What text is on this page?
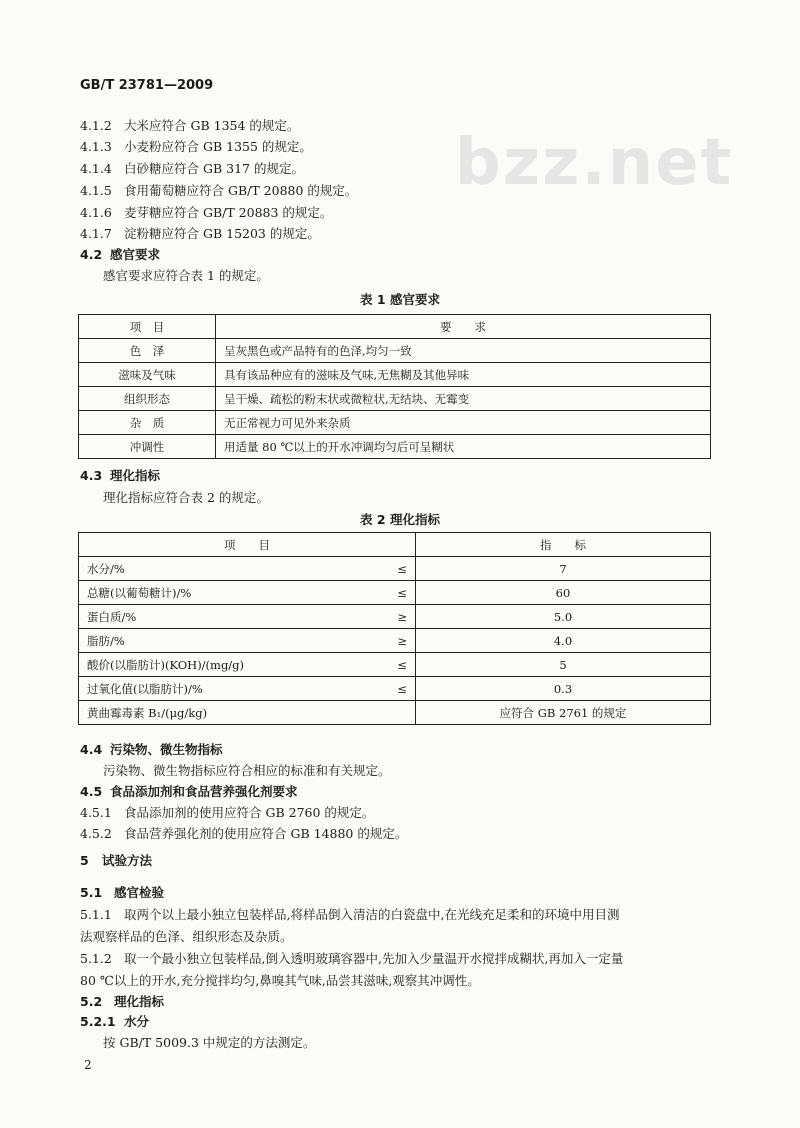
bzz.net
GB/T 23781—2009
4.1.2 大米应符合 GB 1354 的规定。
4.1.3 小麦粉应符合 GB 1355 的规定。
4.1.4 白砂糖应符合 GB 317 的规定。
4.1.5 食用葡萄糖应符合 GB/T 20880 的规定。
4.1.6 麦芽糖应符合 GB/T 20883 的规定。
4.1.7 淀粉糖应符合 GB 15203 的规定。
4.2 感官要求
感官要求应符合表 1 的规定。
表 1 感官要求
项　目	要　　求
色　泽	呈灰黑色或产品特有的色泽,均匀一致
滋味及气味	具有该品种应有的滋味及气味,无焦糊及其他异味
组织形态	呈干燥、疏松的粉末状或微粒状,无结块、无霉变
杂　质	无正常视力可见外来杂质
冲调性	用适量 80 ℃以上的开水冲调均匀后可呈糊状
4.3 理化指标
理化指标应符合表 2 的规定。
表 2 理化指标
项　　目		指　　标
水分/%	≤	7
总糖(以葡萄糖计)/%	≤	60
蛋白质/%	≥	5.0
脂肪/%	≥	4.0
酸价(以脂肪计)(KOH)/(mg/g)	≤	5
过氧化值(以脂肪计)/%	≤	0.3
黄曲霉毒素 B₁/(μg/kg)		应符合 GB 2761 的规定
4.4 污染物、微生物指标
污染物、微生物指标应符合相应的标准和有关规定。
4.5 食品添加剂和食品营养强化剂要求
4.5.1 食品添加剂的使用应符合 GB 2760 的规定。
4.5.2 食品营养强化剂的使用应符合 GB 14880 的规定。
5 试验方法
5.1 感官检验
5.1.1 取两个以上最小独立包装样品,将样品倒入清洁的白瓷盘中,在光线充足柔和的环境中用目测
法观察样品的色泽、组织形态及杂质。
5.1.2 取一个最小独立包装样品,倒入透明玻璃容器中,先加入少量温开水搅拌成糊状,再加入一定量
80 ℃以上的开水,充分搅拌均匀,鼻嗅其气味,品尝其滋味,观察其冲调性。
5.2 理化指标
5.2.1 水分
按 GB/T 5009.3 中规定的方法测定。
2
